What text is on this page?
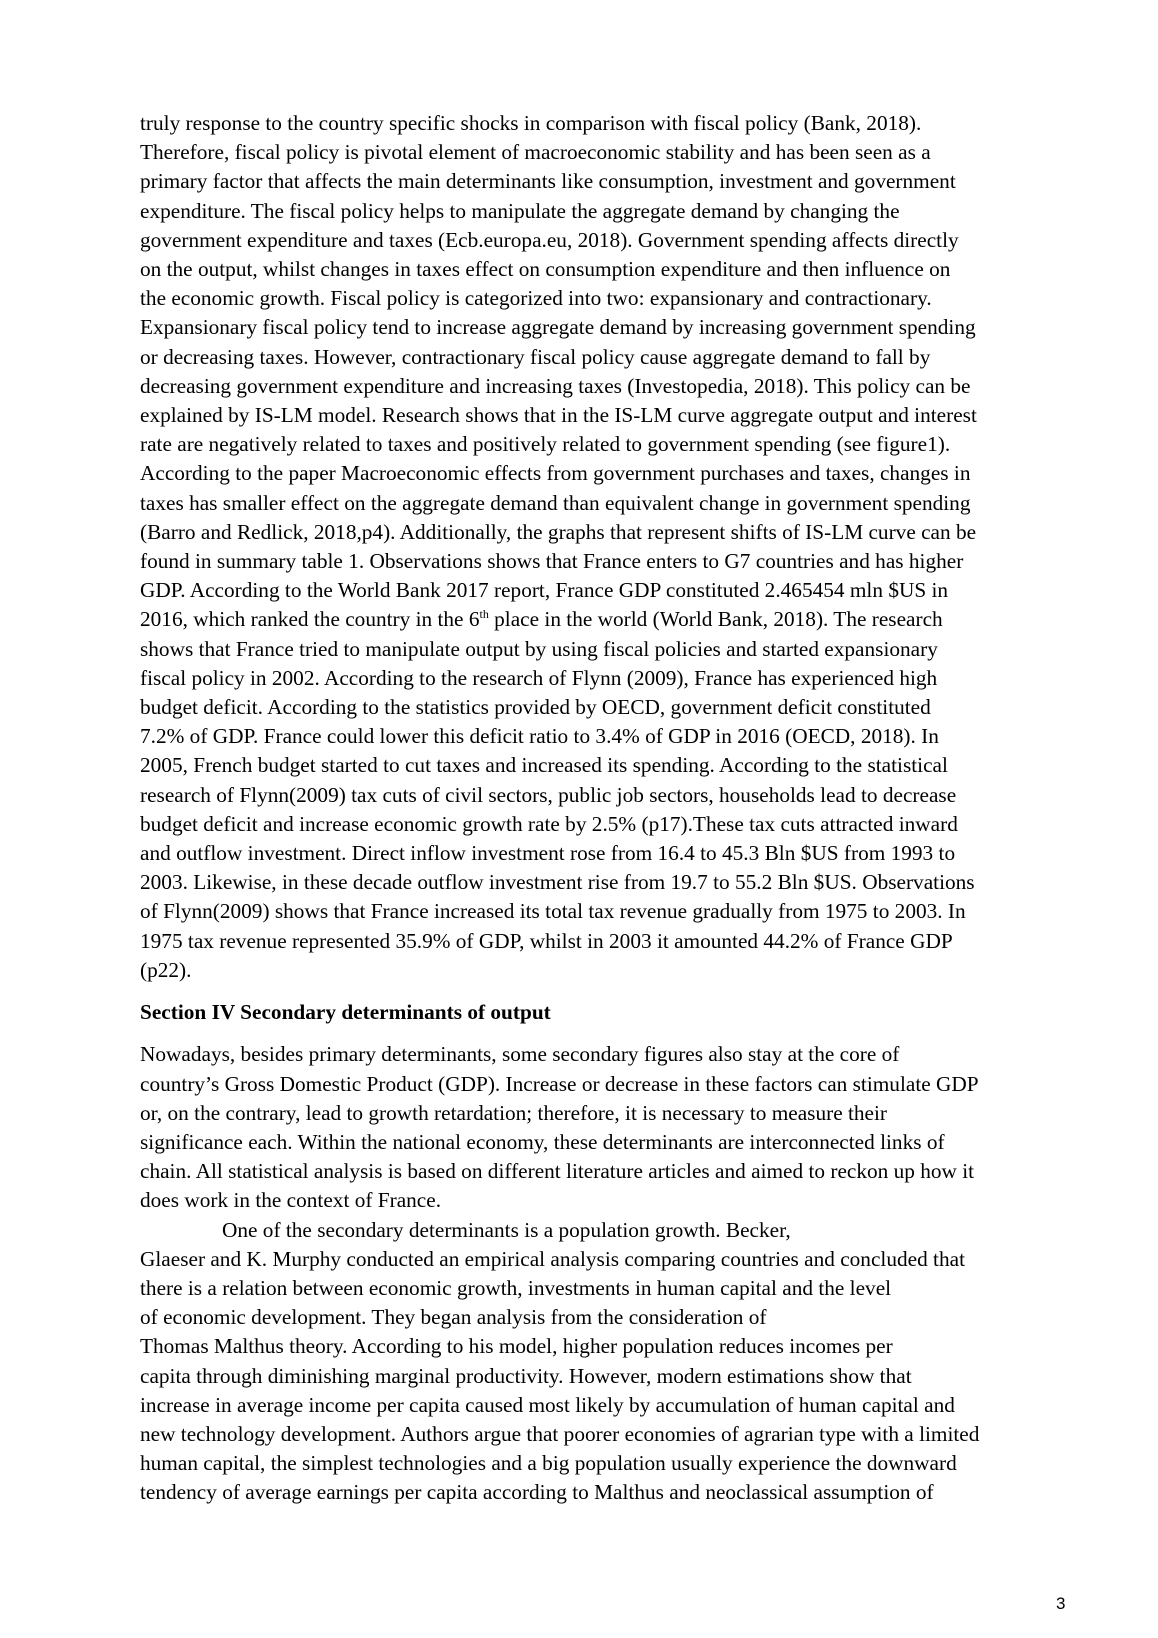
truly response to the country specific shocks in comparison with fiscal policy (Bank, 2018).
Therefore, fiscal policy is pivotal element of macroeconomic stability and has been seen as a
primary factor that affects the main determinants like consumption, investment and government
expenditure. The fiscal policy helps to manipulate the aggregate demand by changing the
government expenditure and taxes (Ecb.europa.eu, 2018). Government spending affects directly
on the output, whilst changes in taxes effect on consumption expenditure and then influence on
the economic growth. Fiscal policy is categorized into two: expansionary and contractionary.
Expansionary fiscal policy tend to increase aggregate demand by increasing government spending
or decreasing taxes. However, contractionary fiscal policy cause aggregate demand to fall by
decreasing government expenditure and increasing taxes (Investopedia, 2018). This policy can be
explained by IS-LM model. Research shows that in the IS-LM curve aggregate output and interest
rate are negatively related to taxes and positively related to government spending (see figure1).
According to the paper Macroeconomic effects from government purchases and taxes, changes in
taxes has smaller effect on the aggregate demand than equivalent change in government spending
(Barro and Redlick, 2018,p4). Additionally, the graphs that represent shifts of IS-LM curve can be
found in summary table 1. Observations shows that France enters to G7 countries and has higher
GDP. According to the World Bank 2017 report, France GDP constituted 2.465454 mln $US in
2016, which ranked the country in the 6th place in the world (World Bank, 2018). The research
shows that France tried to manipulate output by using fiscal policies and started expansionary
fiscal policy in 2002. According to the research of Flynn (2009), France has experienced high
budget deficit. According to the statistics provided by OECD, government deficit constituted
7.2% of GDP. France could lower this deficit ratio to 3.4% of GDP in 2016 (OECD, 2018). In
2005, French budget started to cut taxes and increased its spending. According to the statistical
research of Flynn(2009) tax cuts of civil sectors, public job sectors, households lead to decrease
budget deficit and increase economic growth rate by 2.5% (p17).These tax cuts attracted inward
and outflow investment. Direct inflow investment rose from 16.4 to 45.3 Bln $US from 1993 to
2003. Likewise, in these decade outflow investment rise from 19.7 to 55.2 Bln $US. Observations
of Flynn(2009) shows that France increased its total tax revenue gradually from 1975 to 2003. In
1975 tax revenue represented 35.9% of GDP, whilst in 2003 it amounted 44.2% of France GDP
(p22).
Section IV Secondary determinants of output
Nowadays, besides primary determinants, some secondary figures also stay at the core of
country’s Gross Domestic Product (GDP). Increase or decrease in these factors can stimulate GDP
or, on the contrary, lead to growth retardation; therefore, it is necessary to measure their
significance each. Within the national economy, these determinants are interconnected links of
chain. All statistical analysis is based on different literature articles and aimed to reckon up how it
does work in the context of France.
One of the secondary determinants is a population growth. Becker,
Glaeser and K. Murphy conducted an empirical analysis comparing countries and concluded that
there is a relation between economic growth, investments in human capital and the level
of economic development. They began analysis from the consideration of
Thomas Malthus theory. According to his model, higher population reduces incomes per
capita through diminishing marginal productivity. However, modern estimations show that
increase in average income per capita caused most likely by accumulation of human capital and
new technology development. Authors argue that poorer economies of agrarian type with a limited
human capital, the simplest technologies and a big population usually experience the downward
tendency of average earnings per capita according to Malthus and neoclassical assumption of
3
